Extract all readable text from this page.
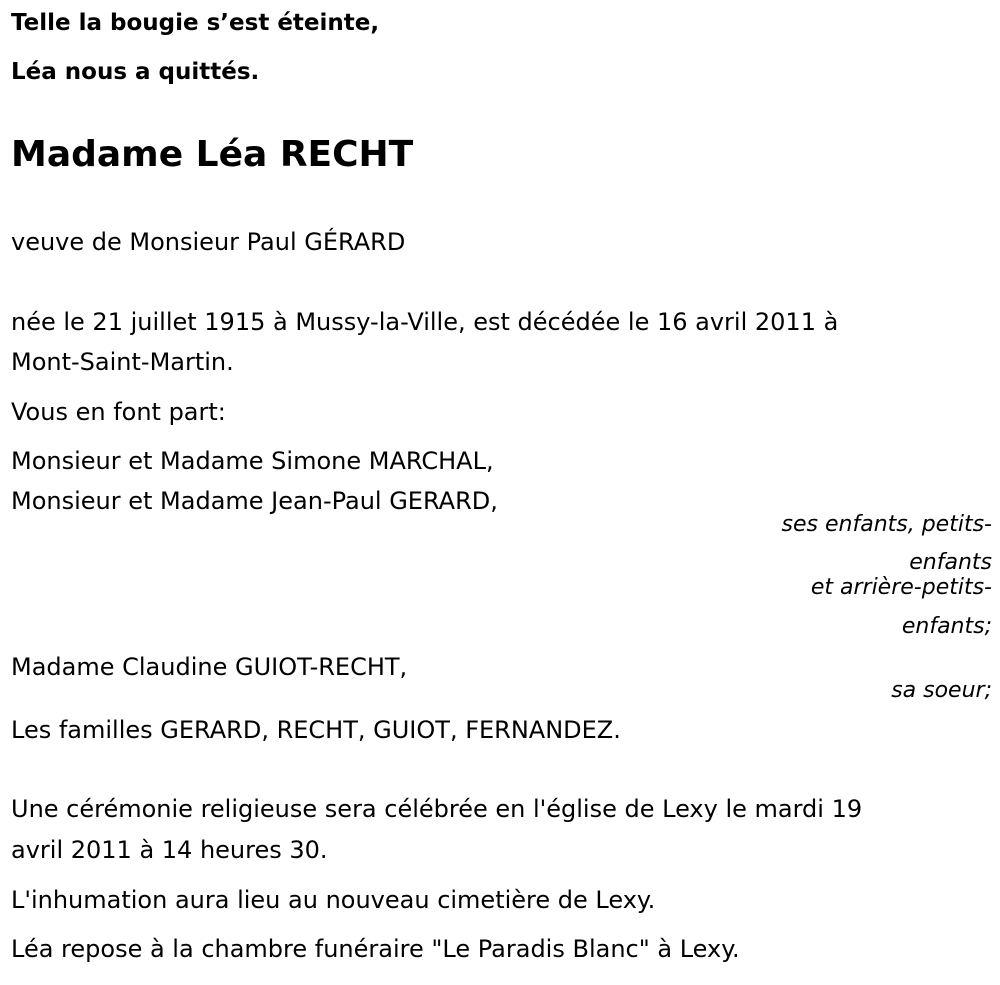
Telle la bougie s’est éteinte,
Léa nous a quittés.
Madame Léa RECHT
veuve de Monsieur Paul GÉRARD
née le 21 juillet 1915 à Mussy-la-Ville, est décédée le 16 avril 2011 à
Mont-Saint-Martin.
Vous en font part:
Monsieur et Madame Simone MARCHAL,
Monsieur et Madame Jean-Paul GERARD,
ses enfants, petits-
enfants
et arrière-petits-
enfants;
Madame Claudine GUIOT-RECHT,
sa soeur;
Les familles GERARD, RECHT, GUIOT, FERNANDEZ.
Une cérémonie religieuse sera célébrée en l'église de Lexy le mardi 19
avril 2011 à 14 heures 30.
L'inhumation aura lieu au nouveau cimetière de Lexy.
Léa repose à la chambre funéraire "Le Paradis Blanc" à Lexy.
